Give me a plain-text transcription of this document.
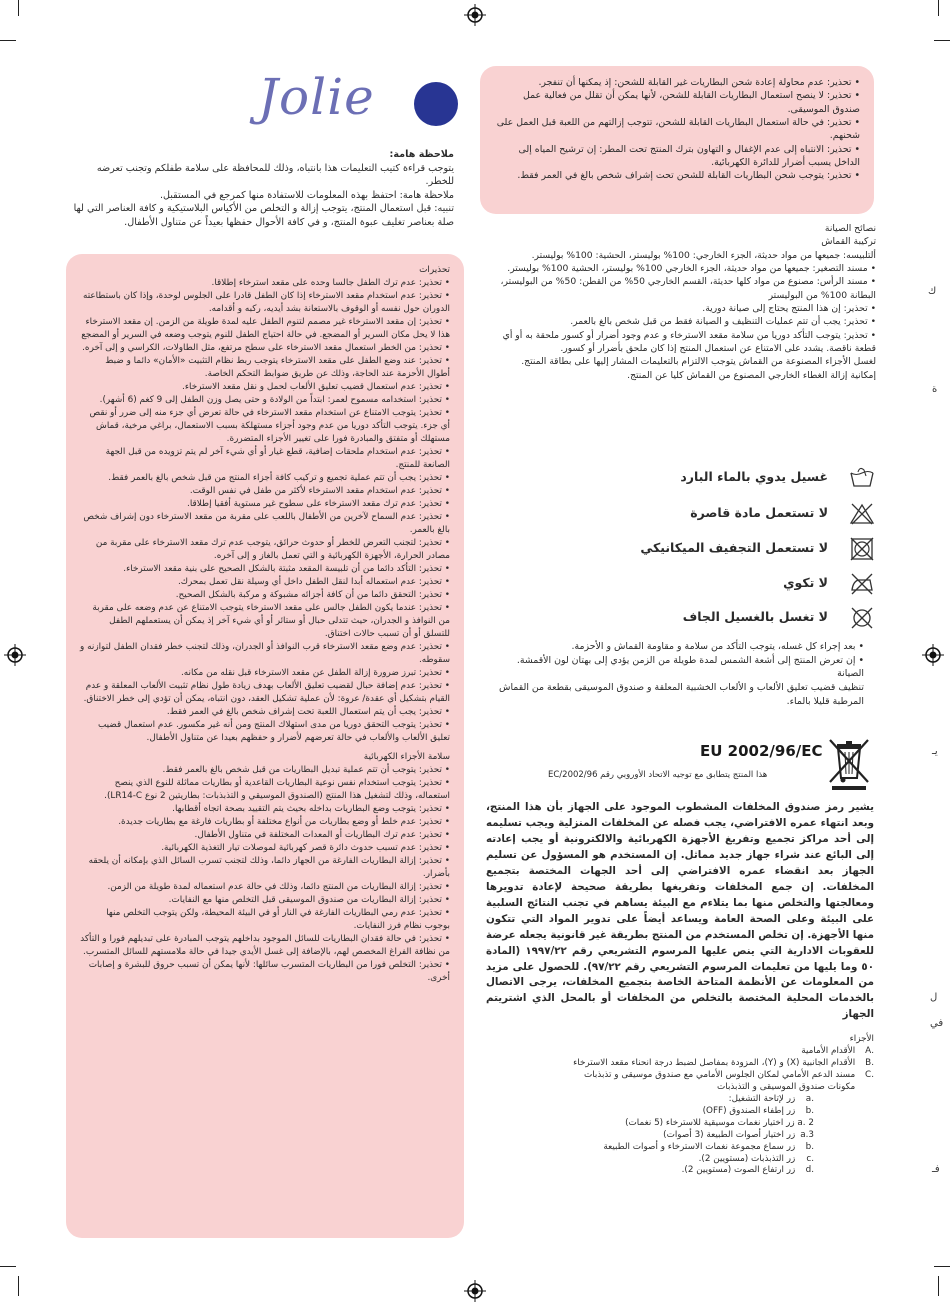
Jolie

ملاحظة هامة:

يتوجب قراءة كتيب التعليمات هذا بانتباه، وذلك للمحافظة على سلامة طفلكم وتجنب تعرضه للخطر.

ملاحظة هامة: احتفظ بهذه المعلومات للاستفادة منها كمرجع في المستقبل.

تنبيه: قبل استعمال المنتج، يتوجب إزالة و التخلص من الأكياس البلاستيكية و كافة العناصر التي لها صلة بعناصر تغليف عبوة المنتج، و في كافة الأحوال حفظها بعيداً عن متناول الأطفال.

• تحذير: عدم محاولة إعادة شحن البطاريات غير القابلة للشحن: إذ يمكنها أن تنفجر.

• تحذير: لا ينصح استعمال البطاريات القابلة للشحن، لأنها يمكن أن تقلل من فعالية عمل صندوق الموسيقى.

• تحذير: في حالة استعمال البطاريات القابلة للشحن، تتوجب إزالتهم من اللعبة قبل العمل على شحنهم.

• تحذير: الانتباه إلى عدم الإغفال و التهاون بترك المنتج تحت المطر: إن ترشيح المياه إلى الداخل يسبب أضرار للدائرة الكهربائية.

• تحذير: يتوجب شحن البطاريات القابلة للشحن تحت إشراف شخص بالغ في العمر فقط.

تحذيرات

• تحذير: عدم ترك الطفل جالسا وحده على مقعد استرخاء إطلاقا.

• تحذير: عدم استخدام مقعد الاسترخاء إذا كان الطفل قادرا على الجلوس لوحدة، وإذا كان باستطاعته الدوران حول نفسه أو الوقوف بالاستعانة بشد أيديه، ركبه و أقدامه.

• تحذير: إن مقعد الاسترخاء غير مصمم لتنوم الطفل عليه لمدة طويلة من الزمن. إن مقعد الاسترخاء هذا لا يحل مكان السرير أو المضجع. في حالة احتياج الطفل للنوم يتوجب وضعه في السرير أو المضجع

• تحذير: من الخطر استعمال مقعد الاسترخاء على سطح مرتفع، مثل الطاولات، الكراسي و إلى آخره.

• تحذير: عند وضع الطفل على مقعد الاسترخاء يتوجب ربط نظام التثبيت «الأمان» دائما و ضبط أطوال الأحزمة عند الحاجة، وذلك عن طريق ضوابط التحكم الخاصة.

• تحذير: عدم استعمال قضيب تعليق الألعاب لحمل و نقل مقعد الاسترخاء.

• تحذير: استخدامه مسموح لعمر: ابتداً من الولادة و حتى يصل وزن الطفل إلى 9 كغم (6 أشهر).

• تحذير: يتوجب الامتناع عن استخدام مقعد الاسترخاء في حالة تعرض أي جزء منه إلى ضرر أو نقص أي جزء. يتوجب التأكد دوريا من عدم وجود أجزاء مستهلكة بسبب الاستعمال، براغي مرخية، قماش مستهلك أو متفتق والمبادرة فورا على تغيير الأجزاء المتضررة.

• تحذير: عدم استخدام ملحقات إضافية، قطع غيار أو أي شيء آخر لم يتم تزويده من قبل الجهة الصانعة للمنتج.

• تحذير: يجب أن تتم عملية تجميع و تركيب كافة أجزاء المنتج من قبل شخص بالغ بالعمر فقط.

• تحذير: عدم استخدام مقعد الاسترخاء لأكثر من طفل في نفس الوقت.

• تحذير: عدم ترك مقعد الاسترخاء على سطوح غير مستوية أفقيا إطلاقا.

• تحذير: عدم السماح لآخرين من الأطفال باللعب على مقربة من مقعد الاسترخاء دون إشراف شخص بالغ بالعمر.

• تحذير: لتجنب التعرض للخطر أو حدوث حرائق، يتوجب عدم ترك مقعد الاسترخاء على مقربة من مصادر الحرارة، الأجهزة الكهربائية و التي تعمل بالغاز و إلى آخره.

• تحذير: التأكد دائما من أن تلبيسة المقعد مثبتة بالشكل الصحيح على بنية مقعد الاسترخاء.

• تحذير: عدم استعماله أبدا لنقل الطفل داخل أي وسيلة نقل تعمل بمحرك.

• تحذير: التحقق دائما من أن كافة أجزائه مشبوكة و مركبة بالشكل الصحيح.

• تحذير: عندما يكون الطفل جالس على مقعد الاسترخاء يتوجب الامتناع عن عدم وضعه على مقربة من النوافذ و الجدران، حيث تتدلى حبال أو ستائر أو أي شيء آخر إذ يمكن أن يستعملهم الطفل للتسلق أو أن تسبب حالات اختناق.

• تحذير: عدم وضع مقعد الاسترخاء قرب النوافذ أو الجدران، وذلك لتجنب خطر فقدان الطفل لتوازنه و سقوطه.

• تحذير: تبرز ضرورة إزالة الطفل عن مقعد الاسترخاء قبل نقله من مكانه.

• تحذير: عدم إضافة حبال لقضيب تعليق الألعاب بهدف زيادة طول نظام تثبيت الألعاب المعلقة و عدم القيام بتشكيل أي عقدة/ عروة: لأن عملية تشكيل العقد، دون انتباه، يمكن أن تؤدي إلى خطر الاختناق.

• تحذير: يجب أن يتم استعمال اللعبة تحت إشراف شخص بالغ في العمر فقط.

• تحذير: يتوجب التحقق دوريا من مدى استهلاك المنتج ومن أنه غير مكسور. عدم استعمال قضيب تعليق الألعاب والألعاب في حالة تعرضهم لأضرار و حفظهم بعيدا عن متناول الأطفال.

سلامة الأجزاء الكهربائية

• تحذير: يتوجب أن تتم عملية تبديل البطاريات من قبل شخص بالغ بالعمر فقط.

• تحذير: يتوجب استخدام نفس نوعية البطاريات القاعدية أو بطاريات مماثلة للنوع الذي ينصح استعماله، وذلك لتشغيل هذا المنتج (الصندوق الموسيقي و التذبذبات: بطاريتين 2 نوع LR14-C).

• تحذير: يتوجب وضع البطاريات بداخله بحيث يتم التقييد بصحة اتجاه أقطابها.

• تحذير: عدم خلط أو وضع بطاريات من أنواع مختلفة أو بطاريات فارغة مع بطاريات جديدة.

• تحذير: عدم ترك البطاريات أو المعدات المختلفة في متناول الأطفال.

• تحذير: عدم تسبب حدوث دائرة قصر كهربائية لموصلات تيار التغذية الكهربائية.

• تحذير: إزالة البطاريات الفارغة من الجهاز دائما، وذلك لتجنب تسرب السائل الذي بإمكانه أن يلحقه بأضرار.

• تحذير: إزالة البطاريات من المنتج دائما، وذلك في حالة عدم استعماله لمدة طويلة من الزمن.

• تحذير: إزالة البطاريات من صندوق الموسيقى قبل التخلص منها مع النفايات.

• تحذير: عدم رمي البطاريات الفارغة في النار أو في البيئة المحيطة، ولكن يتوجب التخلص منها بوجوب نظام فرز النفايات.

• تحذير: في حالة فقدان البطاريات للسائل الموجود بداخلهم يتوجب المبادرة على تبديلهم فورا و التأكد من نظافة الفراغ المخصص لهم، بالإضافة إلى غسل الأيدي جيدا في حالة ملامستهم للسائل المتسرب.

• تحذير: التخلص فورا من البطاريات المتسرب سائلها: لأنها يمكن أن تسبب حروق للبشرة و إصابات أخرى.

نصائح الصيانة

تركيبة القماش

ألتلبيسه: جميعها من مواد حديثة، الجزء الخارجي: 100% بوليستر، الحشية: 100% بوليستر.

• مسند التصغير: جميعها من مواد حديثة، الجزء الخارجي 100% بوليستر، الحشية 100% بوليستر.

• مسند الرأس: مصنوع من مواد كلها حديثة، القسم الخارجي 50% من القطن: 50% من البوليستر، البطانة 100% من البوليستر

• تحذير: إن هذا المنتج يحتاج إلى صيانة دورية.

• تحذير: يجب أن تتم عمليات التنظيف و الصيانة فقط من قبل شخص بالغ بالعمر.

• تحذير: يتوجب التأكد دوريا من سلامة مقعد الاسترخاء و عدم وجود أضرار أو كسور ملحقة به أو أي قطعة ناقصة. يشدد على الامتناع عن استعمال المنتج إذا كان ملحق بأضرار أو كسور.

لغسل الأجزاء المصنوعة من القماش يتوجب الالتزام بالتعليمات المشار إليها على بطاقة المنتج.

إمكانية إزالة الغطاء الخارجي المصنوع من القماش كليا عن المنتج.

غسيل يدوي بالماء البارد
لا تستعمل مادة قاصرة
لا تستعمل التجفيف الميكانيكي
لا تكوي
لا تغسل بالغسيل الجاف

• بعد إجراء كل غسله، يتوجب التأكد من سلامة و مقاومة القماش و الأحزمة.

• إن تعرض المنتج إلى أشعة الشمس لمدة طويلة من الزمن يؤدي إلى بهتان لون الأقمشة.

الصيانة

تنظيف قضيب تعليق الألعاب و الألعاب الخشبية المعلقة و صندوق الموسيقى بقطعة من القماش المرطبة قليلا بالماء.

EU 2002/96/EC
هذا المنتج يتطابق مع توجيه الاتحاد الأوروبي رقم EC/2002/96
يشير رمز صندوق المخلفات المشطوب الموجود على الجهاز بأن هذا المنتج، وبعد انتهاء عمره الافتراضي، يجب فصله عن المخلفات المنزلية ويجب تسليمه إلى أحد مراكز تجميع وتفريغ الأجهزة الكهربائية والالكترونية أو يجب إعادته إلى البائع عند شراء جهاز جديد مماثل. إن المستخدم هو المسؤول عن تسليم الجهاز بعد انقضاء عمره الافتراضي إلى أحد الجهات المختصة بتجميع المخلفات. إن جمع المخلفات وتفريغها بطريقة صحيحة لإعادة تدويرها ومعالجتها والتخلص منها بما يتلاءم مع البيئة يساهم في تجنب النتائج السلبية على البيئة وعلى الصحة العامة ويساعد أيضاً على تدوير المواد التي تتكون منها الأجهزة. إن تخلص المستخدم من المنتج بطريقة غير قانونية يجعله عرضة للعقوبات الادارية التي ينص عليها المرسوم التشريعي رقم ١٩٩٧/٢٢ (المادة ٥٠ وما يليها من تعليمات المرسوم التشريعي رقم ٩٧/٢٢). للحصول على مزيد من المعلومات عن الأنظمة المتاحة الخاصة بتجميع المخلفات، يرجى الاتصال بالخدمات المحلية المختصة بالتخلص من المخلفات أو بالمحل الذي اشتريتم الجهاز
الأجزاء
.A الأقدام الأمامية
.B الأقدام الجانبية (X) و (Y)، المزودة بمفاصل لضبط درجة انحناء مقعد الاسترخاء
.C مسند الدعم الأمامي لمكان الجلوس الأمامي مع صندوق موسيقى و تذبذبات
مكونات صندوق الموسيقى و التذبذبات
.a زر لإتاحة التشغيل:
.b زر إطفاء الصندوق (OFF)
a. 2 زر اختيار نغمات موسيقية للاسترخاء (5 نغمات)
a.3 زر اختيار أصوات الطبيعة (3 أصوات)
.b زر سماع مجموعة نغمات الاسترخاء و أصوات الطبيعة
.c زر التذبذبات (مستويين 2).
.d زر ارتفاع الصوت (مستويين 2).
ك
ة
ل
في
يـ
فـ
